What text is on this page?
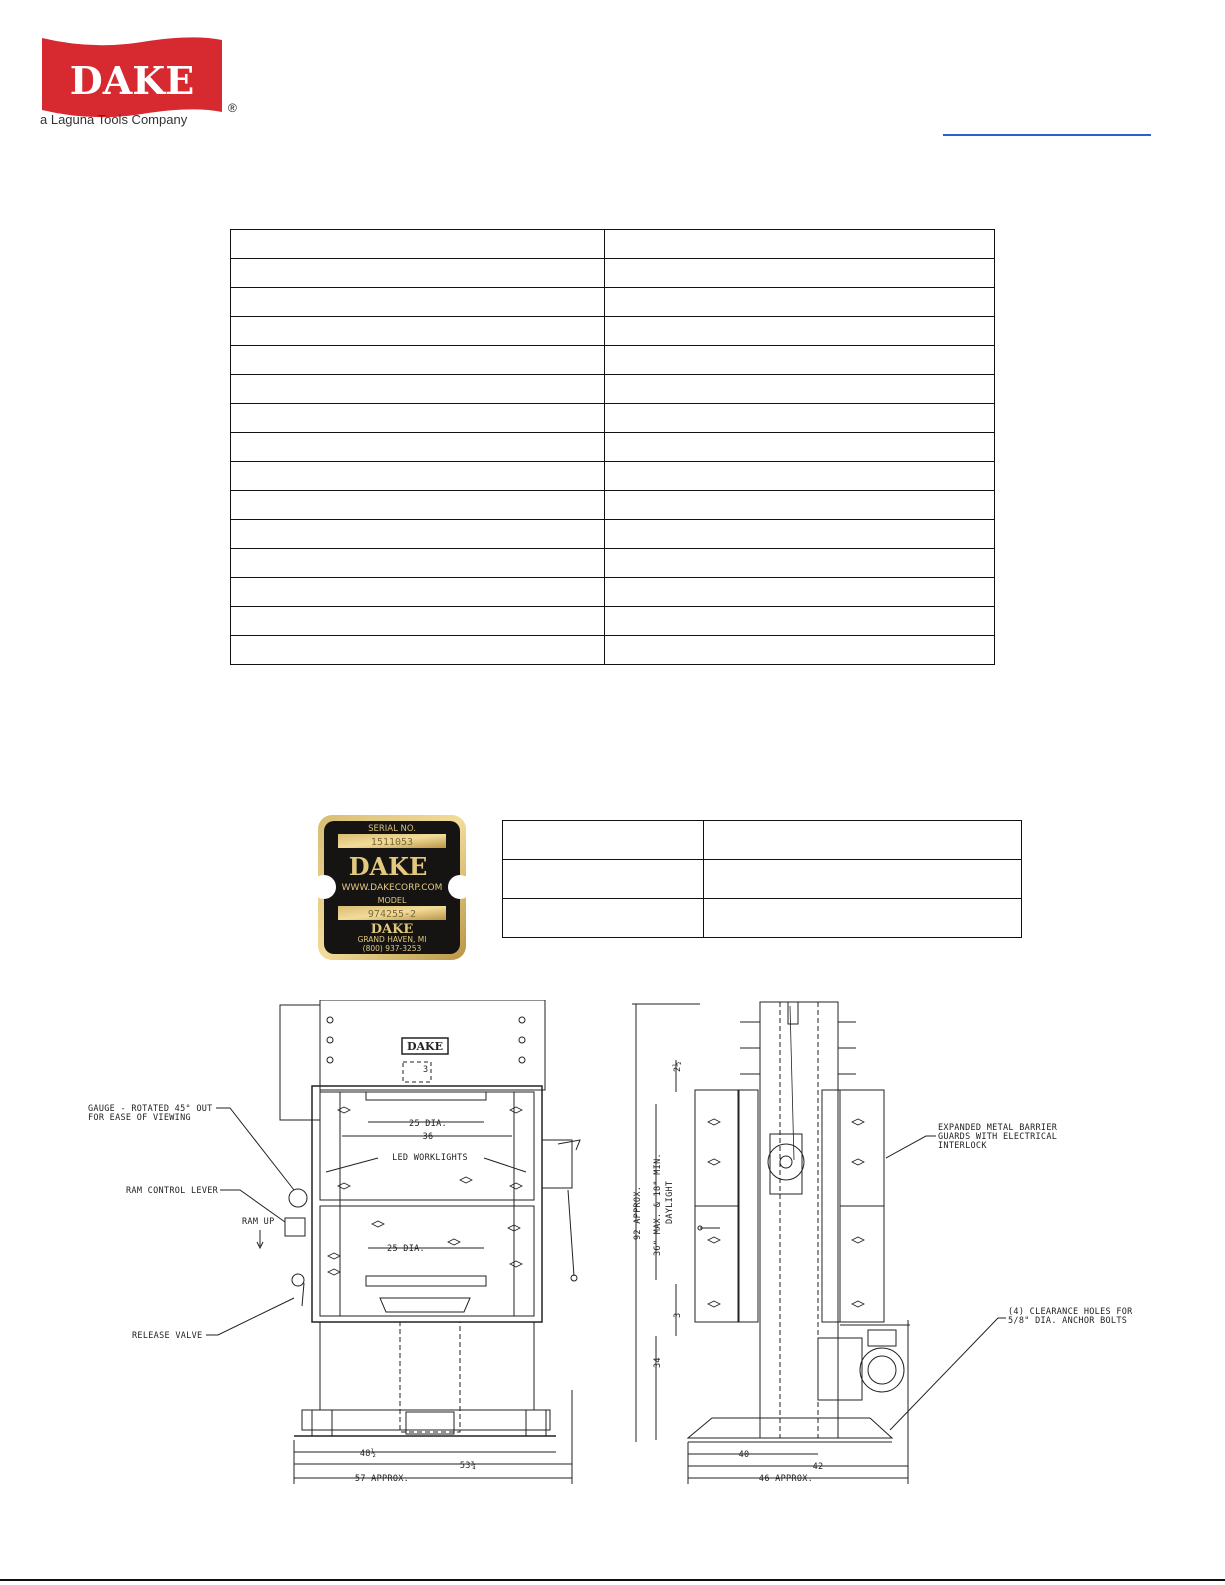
DAKE
®
a Laguna Tools Company

SERIAL NO.
1511053
DAKE
WWW.DAKECORP.COM
MODEL
974255-2
DAKE
GRAND HAVEN, MI
(800) 937-3253

DAKE
25 DIA.
36
25 DIA.
3
LED WORKLIGHTS
48½
53¾
57 APPROX.
GAUGE - ROTATED 45° OUT
FOR EASE OF VIEWING
RAM CONTROL LEVER
RAM UP
RELEASE VALVE
92 APPROX. 36" MAX. & 18" MIN. DAYLIGHT
2½
3
34
40
42
46 APPROX.
EXPANDED METAL BARRIER
GUARDS WITH ELECTRICAL
INTERLOCK
(4) CLEARANCE HOLES FOR
5/8" DIA. ANCHOR BOLTS
